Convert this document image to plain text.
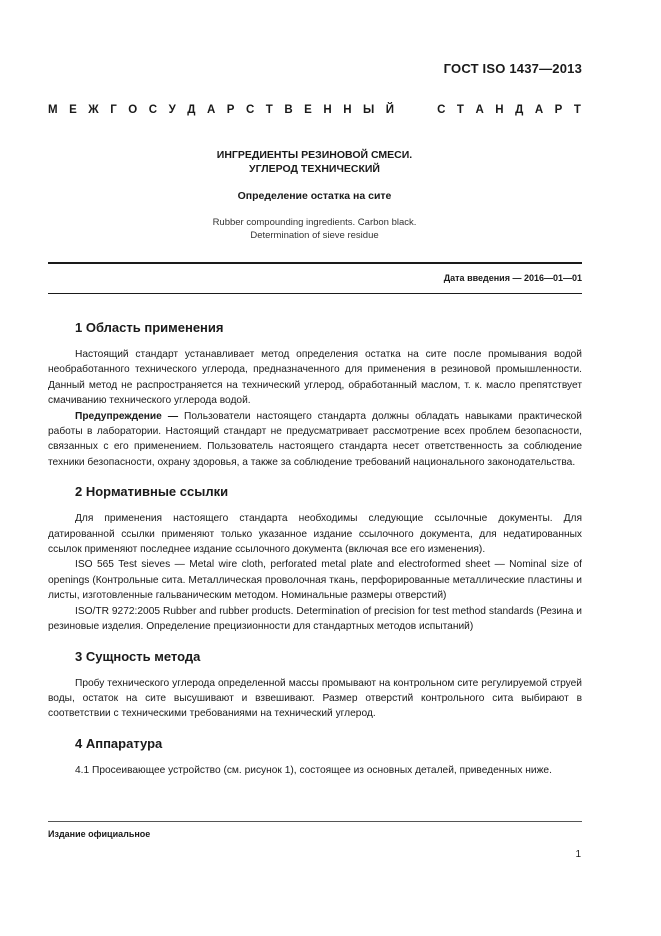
ГОСТ ISO 1437—2013
М Е Ж Г О С У Д А Р С Т В Е Н Н Ы Й	С Т А Н Д А Р Т
ИНГРЕДИЕНТЫ РЕЗИНОВОЙ СМЕСИ.
УГЛЕРОД ТЕХНИЧЕСКИЙ
Определение остатка на сите
Rubber compounding ingredients. Carbon black.
Determination of sieve residue
Дата введения — 2016—01—01
1 Область применения

Настоящий стандарт устанавливает метод определения остатка на сите после промывания водой необработанного технического углерода, предназначенного для применения в резиновой промышленности. Данный метод не распространяется на технический углерод, обработанный маслом, т. к. масло препятствует смачиванию технического углерода водой.

Предупреждение — Пользователи настоящего стандарта должны обладать навыками практической работы в лаборатории. Настоящий стандарт не предусматривает рассмотрение всех проблем безопасности, связанных с его применением. Пользователь настоящего стандарта несет ответственность за соблюдение техники безопасности, охрану здоровья, а также за соблюдение требований национального законодательства.

2 Нормативные ссылки

Для применения настоящего стандарта необходимы следующие ссылочные документы. Для датированной ссылки применяют только указанное издание ссылочного документа, для недатированных ссылок применяют последнее издание ссылочного документа (включая все его изменения).

ISO 565 Test sieves — Metal wire cloth, perforated metal plate and electroformed sheet — Nominal size of openings (Контрольные сита. Металлическая проволочная ткань, перфорированные металлические пластины и листы, изготовленные гальваническим методом. Номинальные размеры отверстий)

ISO/TR 9272:2005 Rubber and rubber products. Determination of precision for test method standards (Резина и резиновые изделия. Определение прецизионности для стандартных методов испытаний)

3 Сущность метода

Пробу технического углерода определенной массы промывают на контрольном сите регулируемой струей воды, остаток на сите высушивают и взвешивают. Размер отверстий контрольного сита выбирают в соответствии с техническими требованиями на технический углерод.

4 Аппаратура

4.1 Просеивающее устройство (см. рисунок 1), состоящее из основных деталей, приведенных ниже.

Издание официальное
1
